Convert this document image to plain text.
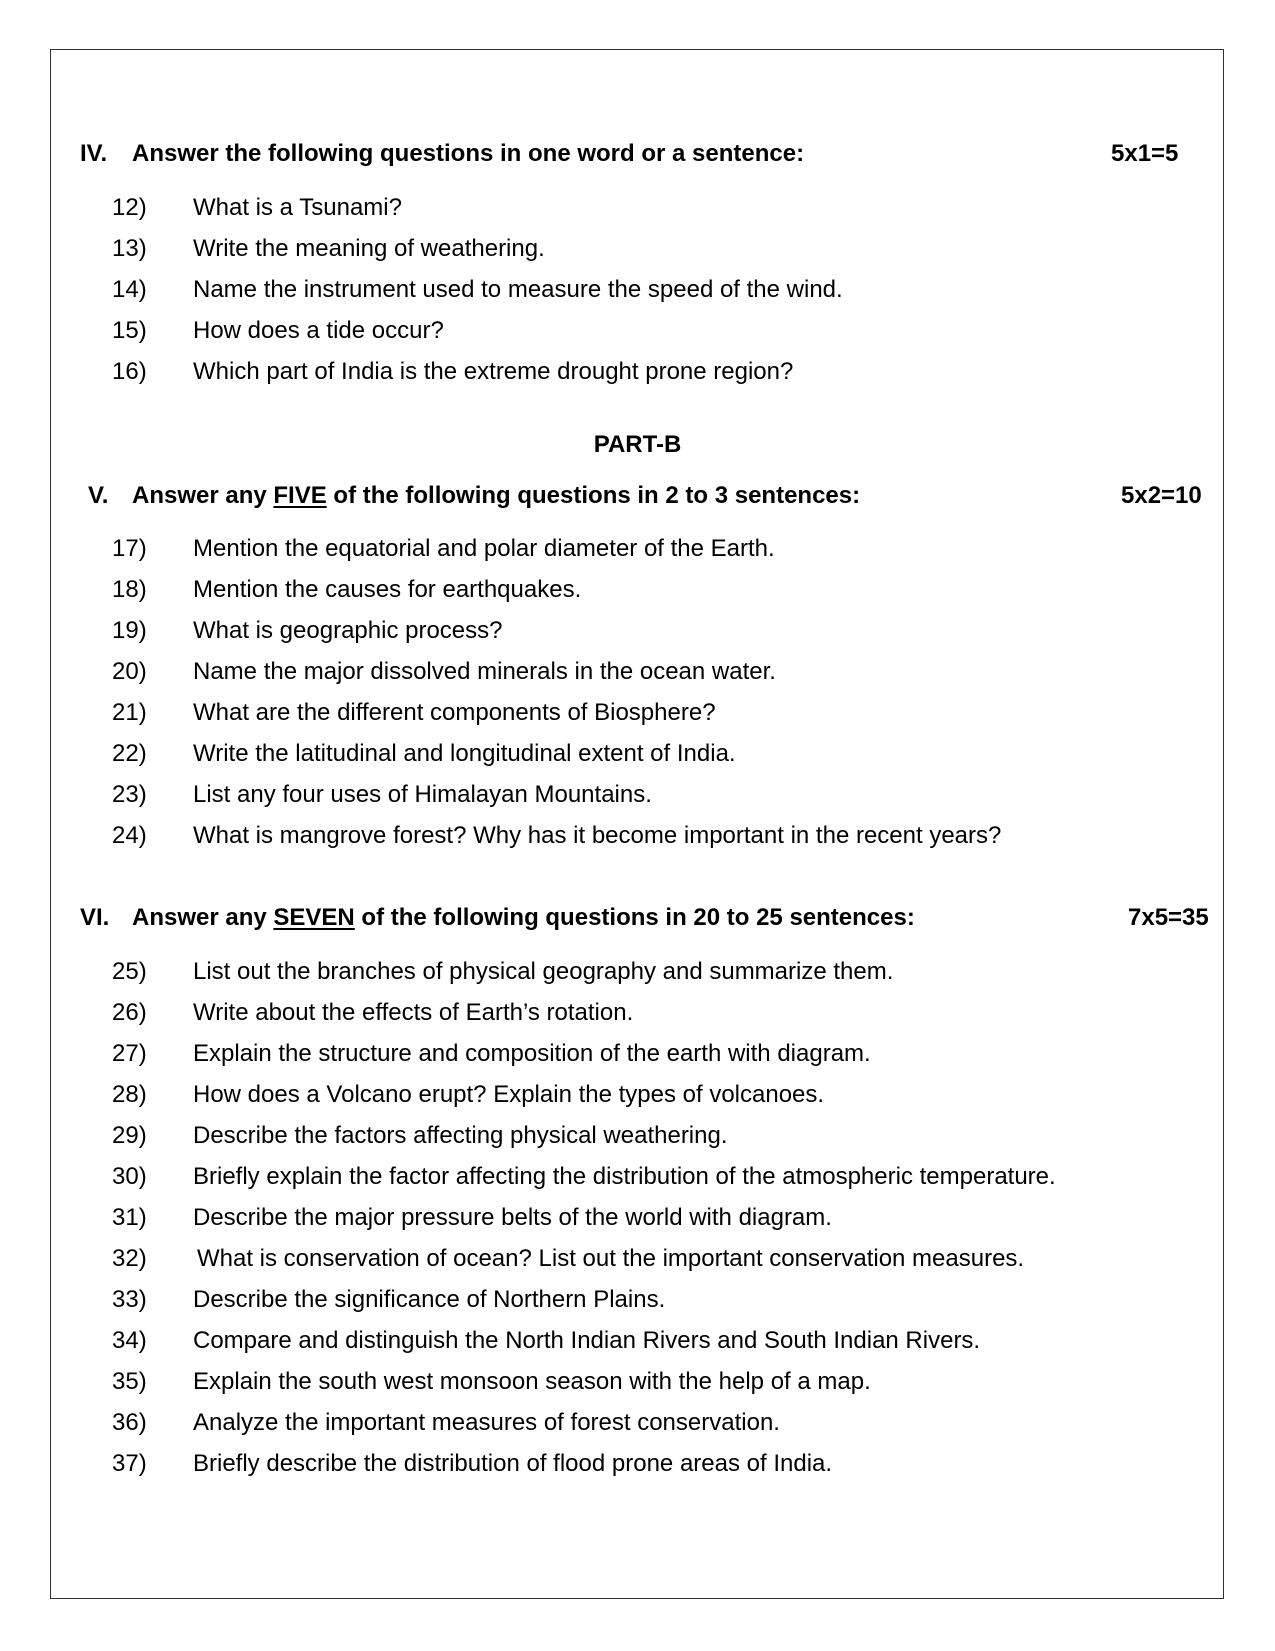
IV. Answer the following questions in one word or a sentence:	5x1=5
12) What is a Tsunami?
13) Write the meaning of weathering.
14) Name the instrument used to measure the speed of the wind.
15) How does a tide occur?
16) Which part of India is the extreme drought prone region?
PART-B
V. Answer any FIVE of the following questions in 2 to 3 sentences:	5x2=10
17) Mention the equatorial and polar diameter of the Earth.
18) Mention the causes for earthquakes.
19) What is geographic process?
20) Name the major dissolved minerals in the ocean water.
21) What are the different components of Biosphere?
22) Write the latitudinal and longitudinal extent of India.
23) List any four uses of Himalayan Mountains.
24) What is mangrove forest? Why has it become important in the recent years?
VI. Answer any SEVEN of the following questions in 20 to 25 sentences:	7x5=35
25) List out the branches of physical geography and summarize them.
26) Write about the effects of Earth’s rotation.
27) Explain the structure and composition of the earth with diagram.
28) How does a Volcano erupt? Explain the types of volcanoes.
29) Describe the factors affecting physical weathering.
30) Briefly explain the factor affecting the distribution of the atmospheric temperature.
31) Describe the major pressure belts of the world with diagram.
32) What is conservation of ocean? List out the important conservation measures.
33) Describe the significance of Northern Plains.
34) Compare and distinguish the North Indian Rivers and South Indian Rivers.
35) Explain the south west monsoon season with the help of a map.
36) Analyze the important measures of forest conservation.
37) Briefly describe the distribution of flood prone areas of India.
